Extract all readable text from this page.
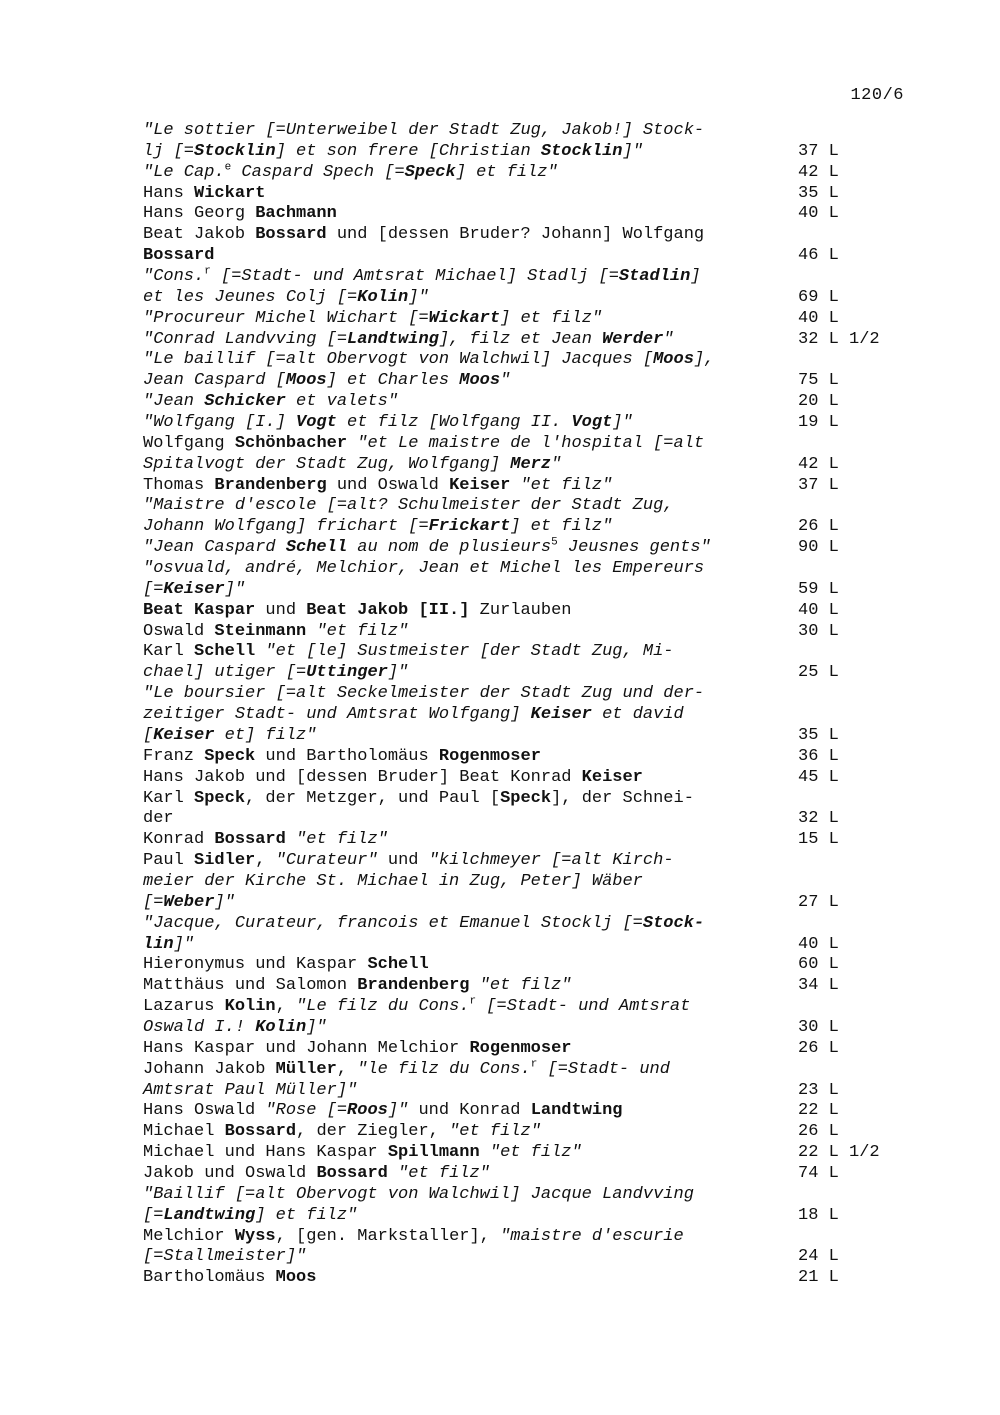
120/6
"Le sottier [=Unterweibel der Stadt Zug, Jakob!] Stock-
lj [=Stocklin] et son frere [Christian Stocklin]"	37 L
"Le Cap.$^e$ Caspard Spech [=Speck] et filz"	42 L
Hans Wickart	35 L
Hans Georg Bachmann	40 L
Beat Jakob Bossard und [dessen Bruder? Johann] Wolfgang
Bossard	46 L
"Cons.$^r$ [=Stadt- und Amtsrat Michael] Stadlj [=Stadlin]
et les Jeunes Colj [=Kolin]"	69 L
"Procureur Michel Wichart [=Wickart] et filz"	40 L
"Conrad Landvving [=Landtwing], filz et Jean Werder"	32 L 1/2
"Le baillif [=alt Obervogt von Walchwil] Jacques [Moos],
Jean Caspard [Moos] et Charles Moos"	75 L
"Jean Schicker et valets"	20 L
"Wolfgang [I.] Vogt et filz [Wolfgang II. Vogt]"	19 L
Wolfgang Schönbacher "et Le maistre de l'hospital [=alt
Spitalvogt der Stadt Zug, Wolfgang] Merz"	42 L
Thomas Brandenberg und Oswald Keiser "et filz"	37 L
"Maistre d'escole [=alt? Schulmeister der Stadt Zug,
Johann Wolfgang] frichart [=Frickart] et filz"	26 L
"Jean Caspard Schell au nom de plusieurs$^5$ Jeusnes gents"	90 L
"osvuald, andré, Melchior, Jean et Michel les Empereurs
[=Keiser]"	59 L
Beat Kaspar und Beat Jakob [II.] Zurlauben	40 L
Oswald Steinmann "et filz"	30 L
Karl Schell "et [le] Sustmeister [der Stadt Zug, Mi-
chael] utiger [=Uttinger]"	25 L
"Le boursier [=alt Seckelmeister der Stadt Zug und der-
zeitiger Stadt- und Amtsrat Wolfgang] Keiser et david
[Keiser et] filz"	35 L
Franz Speck und Bartholomäus Rogenmoser	36 L
Hans Jakob und [dessen Bruder] Beat Konrad Keiser	45 L
Karl Speck, der Metzger, und Paul [Speck], der Schnei-
der	32 L
Konrad Bossard "et filz"	15 L
Paul Sidler, "Curateur" und "kilchmeyer [=alt Kirch-
meier der Kirche St. Michael in Zug, Peter] Wäber
[=Weber]"	27 L
"Jacque, Curateur, francois et Emanuel Stocklj [=Stock-
lin]"	40 L
Hieronymus und Kaspar Schell	60 L
Matthäus und Salomon Brandenberg "et filz"	34 L
Lazarus Kolin, "Le filz du Cons.$^r$ [=Stadt- und Amtsrat
Oswald I.! Kolin]"	30 L
Hans Kaspar und Johann Melchior Rogenmoser	26 L
Johann Jakob Müller, "le filz du Cons.$^r$ [=Stadt- und
Amtsrat Paul Müller]"	23 L
Hans Oswald "Rose [=Roos]" und Konrad Landtwing	22 L
Michael Bossard, der Ziegler, "et filz"	26 L
Michael und Hans Kaspar Spillmann "et filz"	22 L 1/2
Jakob und Oswald Bossard "et filz"	74 L
"Baillif [=alt Obervogt von Walchwil] Jacque Landvving
[=Landtwing] et filz"	18 L
Melchior Wyss, [gen. Markstaller], "maistre d'escurie
[=Stallmeister]"	24 L
Bartholomäus Moos	21 L
